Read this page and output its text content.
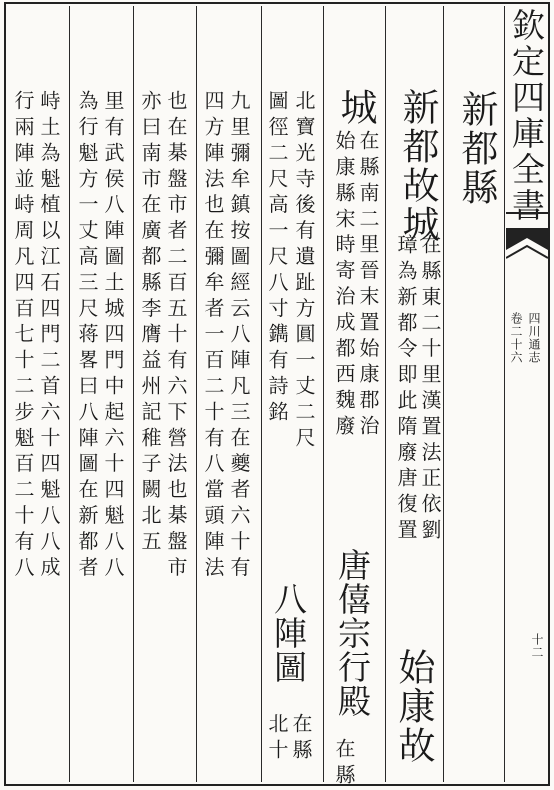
欽定四庫全書
四川通志
卷二十六
十二
新都縣
新都故城
在縣東二十里漢置法正依劉
璋為新都令即此隋廢唐復置
始康故
城
在縣南二里晉末置始康郡治
始康縣宋時寄治成都西魏廢
唐僖宗行殿
在縣
北寶光寺後有遺趾方圓一丈二尺
八陣圖
在縣
圖徑二尺高一尺八寸鐫有詩銘
北十
九里彌牟鎮按圖經云八陣凡三在夔者六十有
四方陣法也在彌牟者一百二十有八當頭陣法
也在棊盤市者二百五十有六下營法也棊盤市
亦曰南市在廣都縣李膺益州記稚子闕北五
里有武侯八陣圖土城四門中起六十四魁八八
為行魁方一丈高三尺蒋畧曰八陣圖在新都者
峙土為魁植以江石四門二首六十四魁八八成
行兩陣並峙周凡四百七十二步魁百二十有八
